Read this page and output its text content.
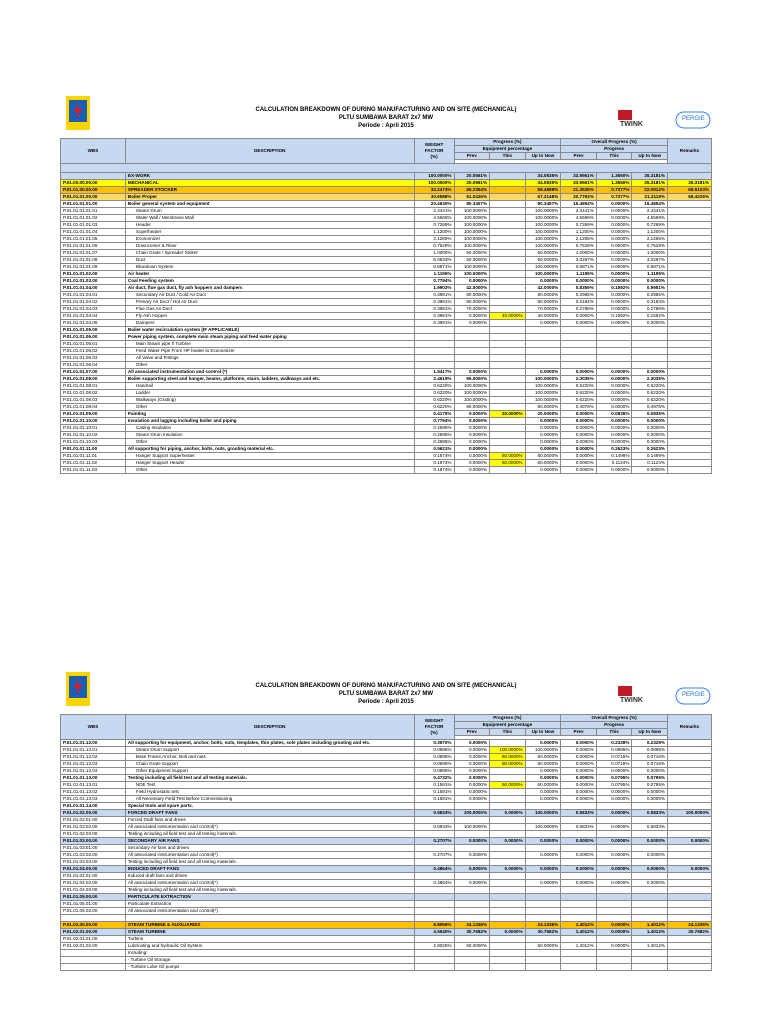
CALCULATION BREAKDOWN OF DURING MANUFACTURING AND ON SITE (MECHANICAL)
PLTU SUMBAWA BARAT 2x7 MW
Periode : April 2015	TWINK
PERGIE
WBS	DESCRIPTION	WEIGHT
FACTOR
(%)	Progress (%)			Overall Progress (%)			Remarks
			Equipment percentage			Progress			
			Prev	This	Up to Now	Prev	This	Up to Now	

	EX-WORK	100.0000%	20.0561%		34.0835%	33.9561%	1.3560%	35.3181%	
P.01.00.00.00.00	MECHANICAL	100.0000%	20.0561%		34.0835%	33.9561%	1.3560%	35.3181%	35.3181%
P.01.01.00.00.00	SPREADER STOCKER	32.2473%	65.2354%		68.4898%	21.3535%	0.7377%	22.0912%	68.5103%
P.01.01.01.00.00	Boiler Proper	30.9588%	61.0426%		67.3148%	20.7763%	0.7377%	21.3119%	68.4226%
P.01.01.01.01.00	Boiler general system and equipment	20.4630%	80.3457%		80.3457%	16.4854%	0.0000%	16.4854%	
P.01.01.01.01.01	Steam Drum	2.4441%	100.0000%		100.0000%	2.4441%	0.0000%	2.4441%	
P.01.01.01.01.02	Water Wall / Membrane Wall	4.5569%	100.0000%		100.0000%	4.5569%	0.0000%	4.5569%	
P.01.01.01.01.03	Header	0.7269%	100.0000%		100.0000%	0.7269%	0.0000%	0.7269%	
P.01.01.01.01.04	Superheater	1.1200%	100.0000%		100.0000%	1.1200%	0.0000%	1.1200%	
P.01.01.01.01.05	Economizer	2.1265%	100.0000%		100.0000%	2.1265%	0.0000%	2.1265%	
P.01.01.01.01.06	Downcomer & Riser	0.7529%	100.0000%		100.0000%	0.7529%	0.0000%	0.7529%	
P.01.01.01.01.07	Chain Grate / Spreader Stoker	1.0000%	50.0000%		50.0000%	1.0000%	0.0000%	1.0000%	
P.01.01.01.01.08	Duct	6.0533%	50.0000%		50.0000%	3.0267%	0.0000%	3.0267%	
P.01.01.01.01.09	Blowdown System	0.6871%	100.0000%		100.0000%	0.6871%	0.0000%	0.6871%	
P.01.01.01.02.00	Air heater	1.1195%	100.0000%		100.0000%	1.1195%	0.0000%	1.1195%	
P.01.01.01.03.00	Coal Feeding system	0.7794%	0.0000%		0.0000%	0.0000%	0.0000%	0.0000%	
P.01.01.01.04.00	Air duct, flue gas duct, fly ash hoppers and dampers	1.9903%	42.0000%		42.0000%	0.8359%	0.1592%	0.9951%	
P.01.01.01.04.01	Secondary Air Duct / Cold Air Duct	0.3981%	80.0000%		80.0000%	0.2985%	0.0000%	0.2985%	
P.01.01.01.04.02	Primary Air Duct / Hot Air Duct	0.3981%	80.0000%		80.0000%	0.3184%	0.0000%	0.3184%	
P.01.01.01.04.03	Flue Gas Air Duct	0.3981%	70.0000%		70.0000%	0.2786%	0.0000%	0.2786%	
P.01.01.01.04.04	Fly Ash Hopper	0.3981%	0.0000%	40.0000%	40.0000%	0.0000%	0.1592%	0.1592%	
P.01.01.01.04.05	Dampers	0.3981%	0.0000%		0.0000%	0.0000%	0.0000%	0.0000%	
P.01.01.01.05.00	Boiler water recirculation system (IF APPLICABLE)								
P.01.01.01.06.00	Power piping system, complete main steam piping and feed water piping								
P.01.01.01.06.01	Main Steam pipe f/ Turbine								
P.01.01.01.06.02	Feed Water Pipe From HP heater to Economizer								
P.01.01.01.06.03	All Valve and Fittings								
P.01.01.01.06.04	Other								
P.01.01.01.07.00	All associated instrumentation and control (*)	1.5417%	0.0000%		0.0000%	0.0000%	0.0000%	0.0000%	
P.01.01.01.08.00	Boiler supporting steel and hanger, beams, platforms, stairs, ladders, walkways and etc.	2.4619%	95.0000%		100.0000%	2.3035%	0.0000%	2.3035%	
P.01.01.01.08.01	Handrail	0.6220%	100.0000%		100.0000%	0.6220%	0.0000%	0.6220%	
P.01.01.01.08.02	Ladder	0.6220%	100.0000%		100.0000%	0.6220%	0.0000%	0.6220%	
P.01.01.01.08.03	Walkways (Grating)	0.6220%	100.0000%		100.0000%	0.6220%	0.0000%	0.6220%	
P.01.01.01.08.04	Other	0.6220%	80.0000%		80.0000%	0.4976%	0.0000%	0.4976%	
P.01.01.01.09.00	Painting	0.4176%	0.0000%	20.0000%	20.0000%	0.0000%	0.0835%	0.0835%	
P.01.01.01.10.00	Insulation and lagging including boiler and piping	0.7794%	0.0000%		0.0000%	0.0000%	0.0000%	0.0000%	
P.01.01.01.10.01	Casing Insulation	0.2595%	0.0000%		0.0000%	0.0000%	0.0000%	0.0000%	
P.01.01.01.10.02	Steam Drum Insulation	0.2595%	0.0000%		0.0000%	0.0000%	0.0000%	0.0000%	
P.01.01.01.10.03	Other	0.2595%	0.0000%		0.0000%	0.0000%	0.0000%	0.0000%	
P.01.01.01.11.00	All supporting for piping, anchor, bolts, nuts, grouting material etc.	0.5621%	0.0000%		0.0000%	0.0000%	0.2623%	0.2623%	
P.01.01.01.11.01	Hanger Support Superheater	0.1874%	0.0000%	80.0000%	80.0000%	0.0000%	0.1499%	0.1499%	
P.01.01.01.11.02	Hanger Support Header	0.1874%	0.0000%	60.0000%	60.0000%	0.0000%	0.1124%	0.1124%	
P.01.01.01.11.03	Other	0.1874%	0.0000%		0.0000%	0.0000%	0.0000%	0.0000%	
CALCULATION BREAKDOWN OF DURING MANUFACTURING AND ON SITE (MECHANICAL)
PLTU SUMBAWA BARAT 2x7 MW
Periode : April 2015	TWINK
PERGIE
WBS	DESCRIPTION	WEIGHT
FACTOR
(%)	Progress (%)			Overall Progress (%)			Remarks
			Equipment percentage			Progress			
			Prev	This	Up to Now	Prev	This	Up to Now	

P.01.01.01.12.00	All supporting for equipment, anchor, bolts, nuts, templates, thin plates, sole plates including grouting and etc.	0.3570%	0.0000%		0.0000%	0.0000%	0.2328%	0.2328%	
P.01.01.01.12.01	Steam Drum Support	0.0895%	0.0000%	100.0000%	100.0000%	0.0000%	0.0895%	0.0895%	
P.01.01.01.12.02	Base Frame,Anchor, Bolt and nuts	0.0895%	0.0000%	80.0000%	80.0000%	0.0000%	0.0716%	0.0716%	
P.01.01.01.12.03	Chain Grate Support	0.0895%	0.0000%	80.0000%	80.0000%	0.0000%	0.0716%	0.0716%	
P.01.01.01.12.04	Other Equipment Support	0.0895%	0.0000%		0.0000%	0.0000%	0.0000%	0.0000%	
P.01.01.01.13.00	Testing including all field test and all testing materials.	0.4732%	0.0000%		0.0000%	0.0000%	0.0795%	0.0795%	
P.01.01.01.13.01	NDE Test	0.1591%	0.0000%	50.0000%	50.0000%	0.0000%	0.0795%	0.0795%	
P.01.01.01.13.02	Field Hydrostatic test	0.1591%	0.0000%		0.0000%	0.0000%	0.0000%	0.0000%	
P.01.01.01.13.03	All Necessary Field Test Before Commissioning	0.1591%	0.0000%		0.0000%	0.0000%	0.0000%	0.0000%	
P.01.01.01.14.00	Special tools and spare parts.								
P.01.01.02.00.00	FORCED DRAFT FANS	0.5833%	100.0000%	0.0000%	100.0000%	0.5833%	0.0000%	0.5833%	100.0000%
P.01.01.02.01.00	Forced Draft fans and drives								
P.01.01.02.02.00	All associated instrumentation and control(*)	0.5833%	100.0000%		100.0000%	0.5833%	0.0000%	0.5833%	
P.01.01.02.03.00	Testing including all field test and all testing materials.								
P.01.01.03.00.00	SECONDARY AIR FANS	0.2707%	0.0000%	0.0000%	0.0000%	0.0000%	0.0000%	0.0000%	0.0000%
P.01.01.03.01.00	Secondary Air fans and drives								
P.01.01.03.02.00	All associated instrumentation and control(*)	0.2707%	0.0000%		0.0000%	0.0000%	0.0000%	0.0000%	
P.01.01.03.03.00	Testing including all field test and all testing materials.								
P.01.01.04.00.00	INDUCED DRAFT FANS	0.4864%	0.0000%	0.0000%	0.0000%	0.0000%	0.0000%	0.0000%	0.0000%
P.01.01.04.01.00	Induced draft fans and drives								
P.01.01.04.02.00	All associated instrumentation and control(*)	0.4864%	0.0000%		0.0000%	0.0000%	0.0000%	0.0000%	
P.01.01.04.03.00	Testing including all field test and all testing materials.								
P.01.01.05.00.00	PARTICULATE EXTRACTION								
P.01.01.05.01.00	Particulate Extraction								
P.01.01.05.02.00	All associated instrumentation and control(*)								

P.01.02.00.00.00	STEAM TURBINE & AUXILIARIES	5.8056%	24.1336%		24.1336%	1.4012%	0.0000%	1.4012%	24.1336%
P.01.02.01.00.00	STEAM TURBINE	4.5540%	30.7682%	0.0000%	30.7682%	1.4012%	0.0000%	1.4012%	30.7682%
P.01.02.01.01.00	Turbine								
P.01.02.01.02.00	Lubricating and hydraulic Oil System	2.8025%	50.0000%		50.0000%	1.4012%	0.0000%	1.4012%	
	Including:								
	- Turbine Oil Storage								
	- Turbine Lube Oil pumps								
